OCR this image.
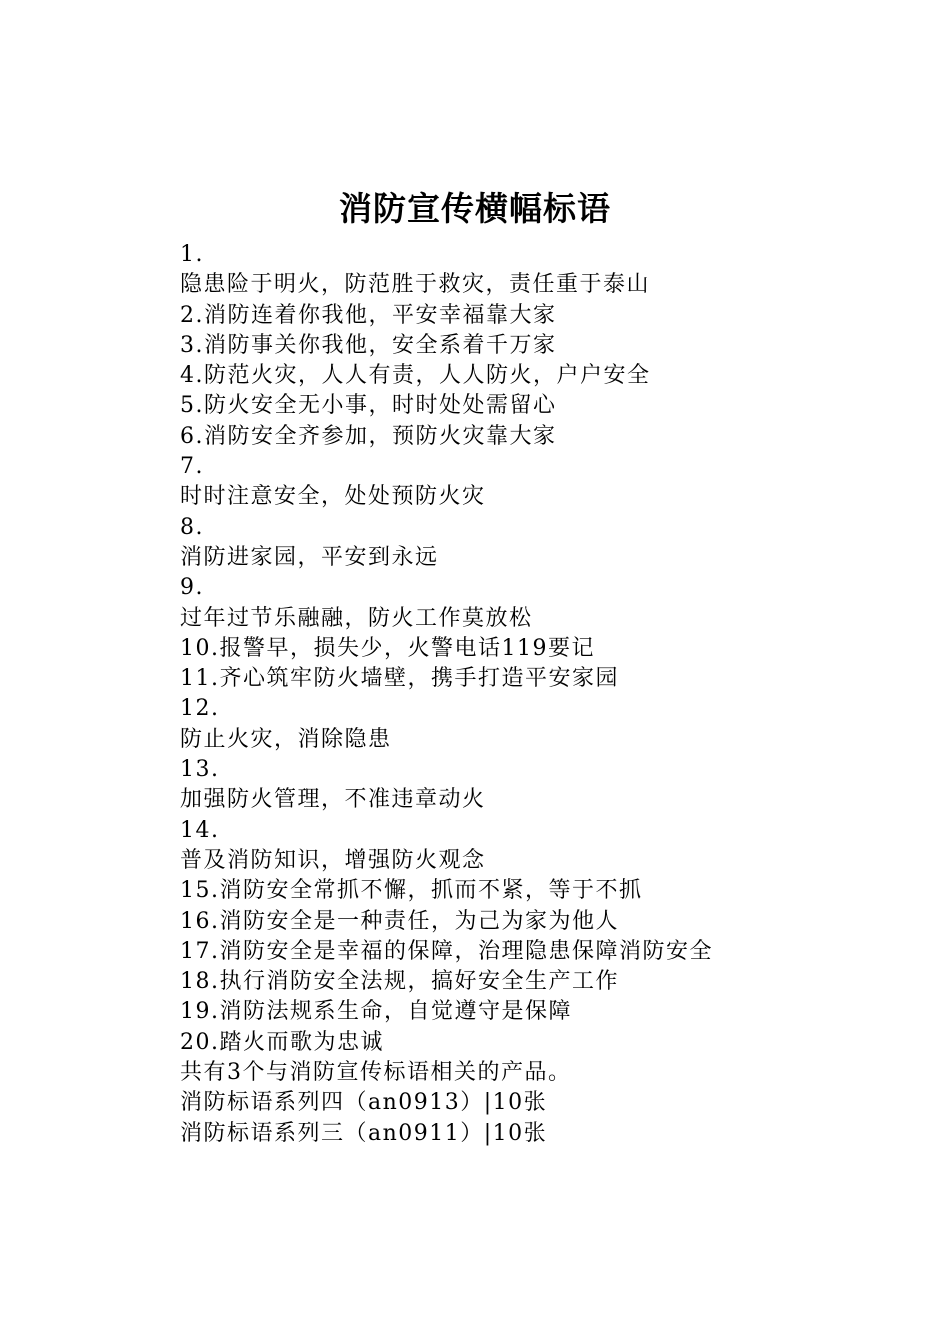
消防宣传横幅标语
1.
隐患险于明火，防范胜于救灾，责任重于泰山
2.消防连着你我他，平安幸福靠大家
3.消防事关你我他，安全系着千万家
4.防范火灾，人人有责，人人防火，户户安全
5.防火安全无小事，时时处处需留心
6.消防安全齐参加，预防火灾靠大家
7.
时时注意安全，处处预防火灾
8.
消防进家园，平安到永远
9.
过年过节乐融融，防火工作莫放松
10.报警早，损失少，火警电话119要记
11.齐心筑牢防火墙壁，携手打造平安家园
12.
防止火灾，消除隐患
13.
加强防火管理，不准违章动火
14.
普及消防知识，增强防火观念
15.消防安全常抓不懈，抓而不紧，等于不抓
16.消防安全是一种责任，为己为家为他人
17.消防安全是幸福的保障，治理隐患保障消防安全
18.执行消防安全法规，搞好安全生产工作
19.消防法规系生命，自觉遵守是保障
20.踏火而歌为忠诚
共有3个与消防宣传标语相关的产品。
消防标语系列四（an0913）|10张
消防标语系列三（an0911）|10张
